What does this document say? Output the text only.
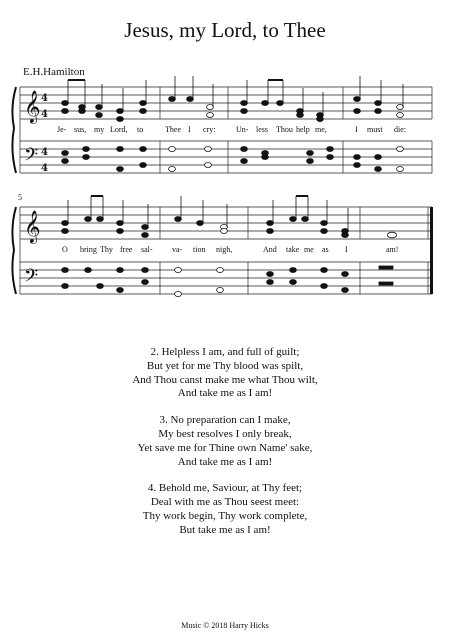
Jesus, my Lord, to Thee
E.H.Hamilton
5
𝄞
𝄢
4
4
4
4
𝄞
𝄢
Je- sus, my Lord, to	Thee I cry:	Un- less Thou help me,	I must die:
O bring Thy free sal- va- tion nigh,	And take me as I	am!
2. Helpless I am, and full of guilt;
But yet for me Thy blood was spilt,
And Thou canst make me what Thou wilt,
And take me as I am!
3. No preparation can I make,
My best resolves I only break,
Yet save me for Thine own Name' sake,
And take me as I am!
4. Behold me, Saviour, at Thy feet;
Deal with me as Thou seest meet:
Thy work begin, Thy work complete,
But take me as I am!
Music © 2018 Harry Hicks
